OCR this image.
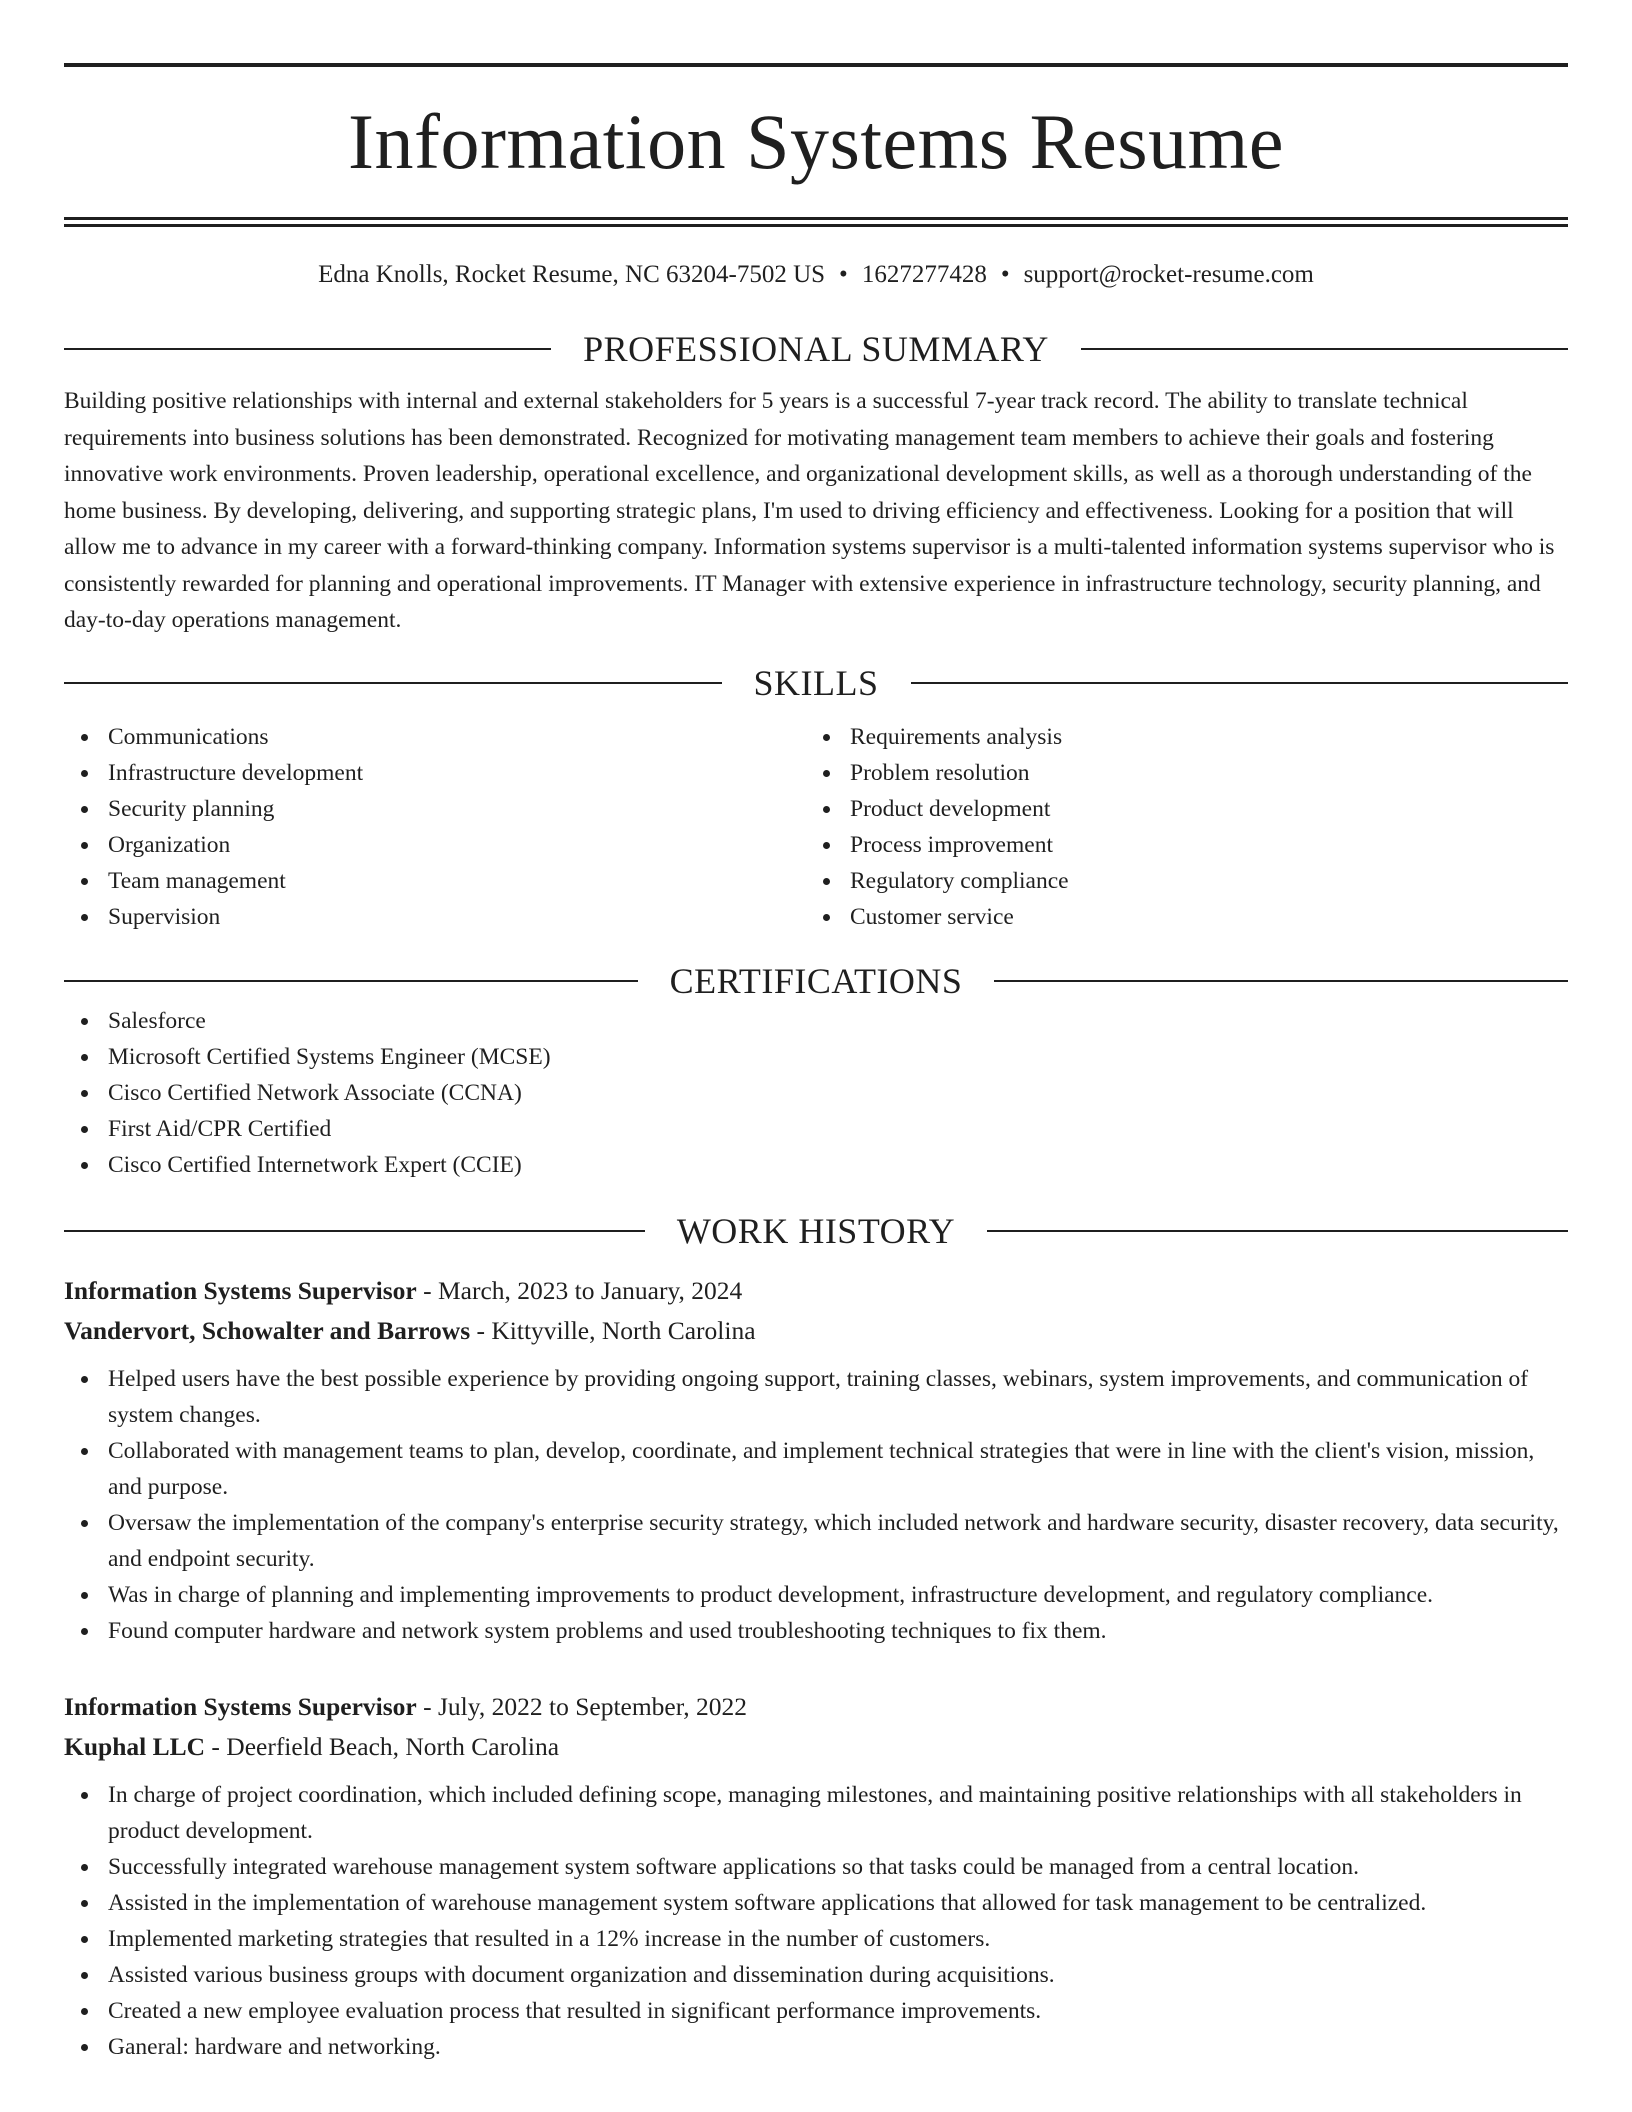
Information Systems Resume
Edna Knolls, Rocket Resume, NC 63204-7502 US • 1627277428 • support@rocket-resume.com
PROFESSIONAL SUMMARY
Building positive relationships with internal and external stakeholders for 5 years is a successful 7-year track record. The ability to translate technical requirements into business solutions has been demonstrated. Recognized for motivating management team members to achieve their goals and fostering innovative work environments. Proven leadership, operational excellence, and organizational development skills, as well as a thorough understanding of the home business. By developing, delivering, and supporting strategic plans, I'm used to driving efficiency and effectiveness. Looking for a position that will allow me to advance in my career with a forward-thinking company. Information systems supervisor is a multi-talented information systems supervisor who is consistently rewarded for planning and operational improvements. IT Manager with extensive experience in infrastructure technology, security planning, and day-to-day operations management.
SKILLS
Communications
Infrastructure development
Security planning
Organization
Team management
Supervision
Requirements analysis
Problem resolution
Product development
Process improvement
Regulatory compliance
Customer service
CERTIFICATIONS
Salesforce
Microsoft Certified Systems Engineer (MCSE)
Cisco Certified Network Associate (CCNA)
First Aid/CPR Certified
Cisco Certified Internetwork Expert (CCIE)
WORK HISTORY
Information Systems Supervisor - March, 2023 to January, 2024
Vandervort, Schowalter and Barrows - Kittyville, North Carolina
Helped users have the best possible experience by providing ongoing support, training classes, webinars, system improvements, and communication of system changes.
Collaborated with management teams to plan, develop, coordinate, and implement technical strategies that were in line with the client's vision, mission, and purpose.
Oversaw the implementation of the company's enterprise security strategy, which included network and hardware security, disaster recovery, data security, and endpoint security.
Was in charge of planning and implementing improvements to product development, infrastructure development, and regulatory compliance.
Found computer hardware and network system problems and used troubleshooting techniques to fix them.
Information Systems Supervisor - July, 2022 to September, 2022
Kuphal LLC - Deerfield Beach, North Carolina
In charge of project coordination, which included defining scope, managing milestones, and maintaining positive relationships with all stakeholders in product development.
Successfully integrated warehouse management system software applications so that tasks could be managed from a central location.
Assisted in the implementation of warehouse management system software applications that allowed for task management to be centralized.
Implemented marketing strategies that resulted in a 12% increase in the number of customers.
Assisted various business groups with document organization and dissemination during acquisitions.
Created a new employee evaluation process that resulted in significant performance improvements.
Ganeral: hardware and networking.
